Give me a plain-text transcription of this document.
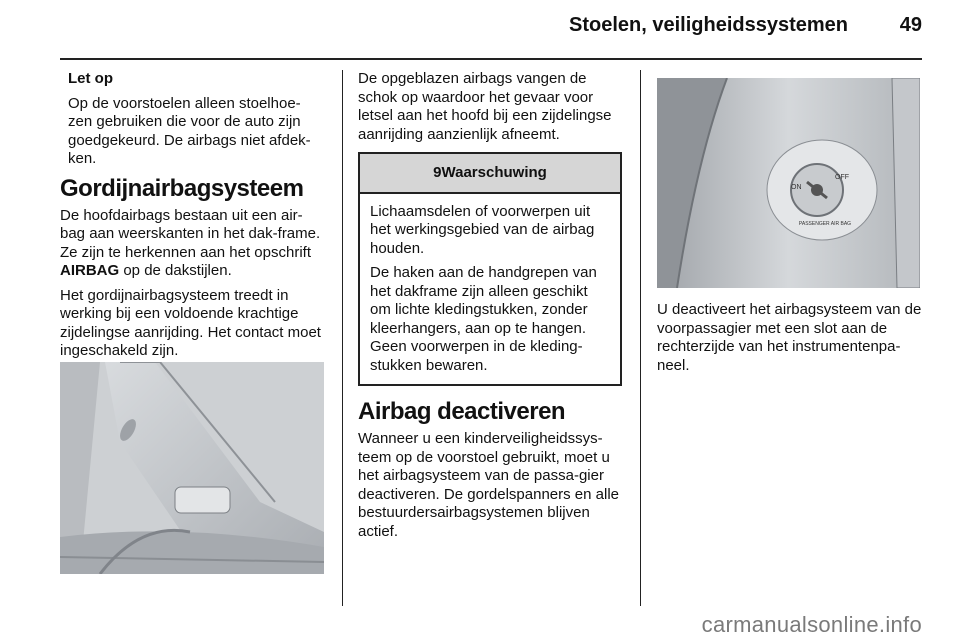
Stoelen, veiligheidssystemen	49

Let op

Op de voorstoelen alleen stoelhoe-zen gebruiken die voor de auto zijn goedgekeurd. De airbags niet afdek-ken.

Gordijnairbagsysteem

De hoofdairbags bestaan uit een air-bag aan weerskanten in het dak-frame. Ze zijn te herkennen aan het opschrift AIRBAG op de dakstijlen.

Het gordijnairbagsysteem treedt in werking bij een voldoende krachtige zijdelingse aanrijding. Het contact moet ingeschakeld zijn.

De opgeblazen airbags vangen de schok op waardoor het gevaar voor letsel aan het hoofd bij een zijdelingse aanrijding aanzienlijk afneemt.

9Waarschuwing

Lichaamsdelen of voorwerpen uit het werkingsgebied van de airbag houden.

De haken aan de handgrepen van het dakframe zijn alleen geschikt om lichte kledingstukken, zonder kleerhangers, aan op te hangen. Geen voorwerpen in de kleding-stukken bewaren.

Airbag deactiveren

Wanneer u een kinderveiligheidssys-teem op de voorstoel gebruikt, moet u het airbagsysteem van de passa-gier deactiveren. De gordelspanners en alle bestuurdersairbagsystemen blijven actief.

ON
OFF
PASSENGER AIR BAG

U deactiveert het airbagsysteem van de voorpassagier met een slot aan de rechterzijde van het instrumentenpa-neel.

carmanualsonline.info
